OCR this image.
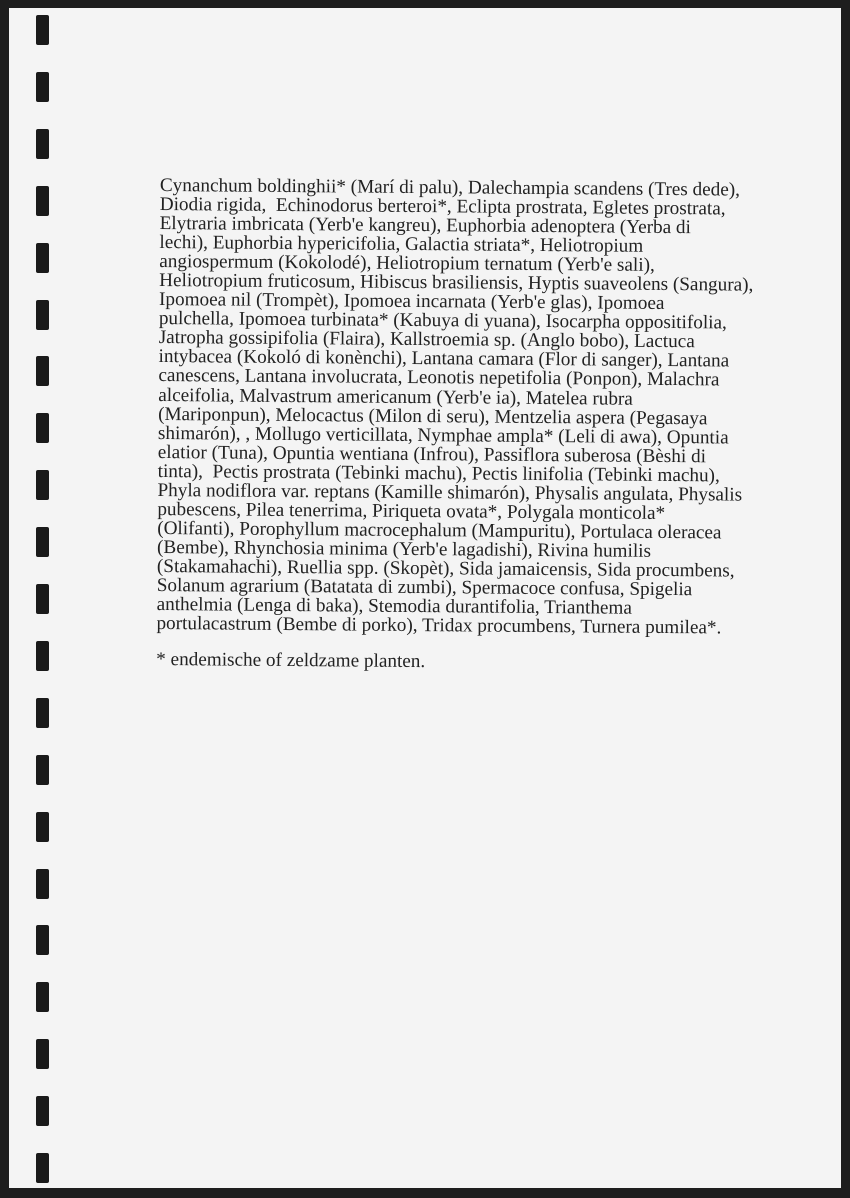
Cynanchum boldinghii* (Marí di palu), Dalechampia scandens (Tres dede),
Diodia rigida,  Echinodorus berteroi*, Eclipta prostrata, Egletes prostrata,
Elytraria imbricata (Yerb'e kangreu), Euphorbia adenoptera (Yerba di
lechi), Euphorbia hypericifolia, Galactia striata*, Heliotropium
angiospermum (Kokolodé), Heliotropium ternatum (Yerb'e sali),
Heliotropium fruticosum, Hibiscus brasiliensis, Hyptis suaveolens (Sangura),
Ipomoea nil (Trompèt), Ipomoea incarnata (Yerb'e glas), Ipomoea
pulchella, Ipomoea turbinata* (Kabuya di yuana), Isocarpha oppositifolia,
Jatropha gossipifolia (Flaira), Kallstroemia sp. (Anglo bobo), Lactuca
intybacea (Kokoló di konènchi), Lantana camara (Flor di sanger), Lantana
canescens, Lantana involucrata, Leonotis nepetifolia (Ponpon), Malachra
alceifolia, Malvastrum americanum (Yerb'e ia), Matelea rubra
(Mariponpun), Melocactus (Milon di seru), Mentzelia aspera (Pegasaya
shimarón), , Mollugo verticillata, Nymphae ampla* (Leli di awa), Opuntia
elatior (Tuna), Opuntia wentiana (Infrou), Passiflora suberosa (Bèshi di
tinta),  Pectis prostrata (Tebinki machu), Pectis linifolia (Tebinki machu),
Phyla nodiflora var. reptans (Kamille shimarón), Physalis angulata, Physalis
pubescens, Pilea tenerrima, Piriqueta ovata*, Polygala monticola*
(Olifanti), Porophyllum macrocephalum (Mampuritu), Portulaca oleracea
(Bembe), Rhynchosia minima (Yerb'e lagadishi), Rivina humilis
(Stakamahachi), Ruellia spp. (Skopèt), Sida jamaicensis, Sida procumbens,
Solanum agrarium (Batatata di zumbi), Spermacoce confusa, Spigelia
anthelmia (Lenga di baka), Stemodia durantifolia, Trianthema
portulacastrum (Bembe di porko), Tridax procumbens, Turnera pumilea*.
* endemische of zeldzame planten.
